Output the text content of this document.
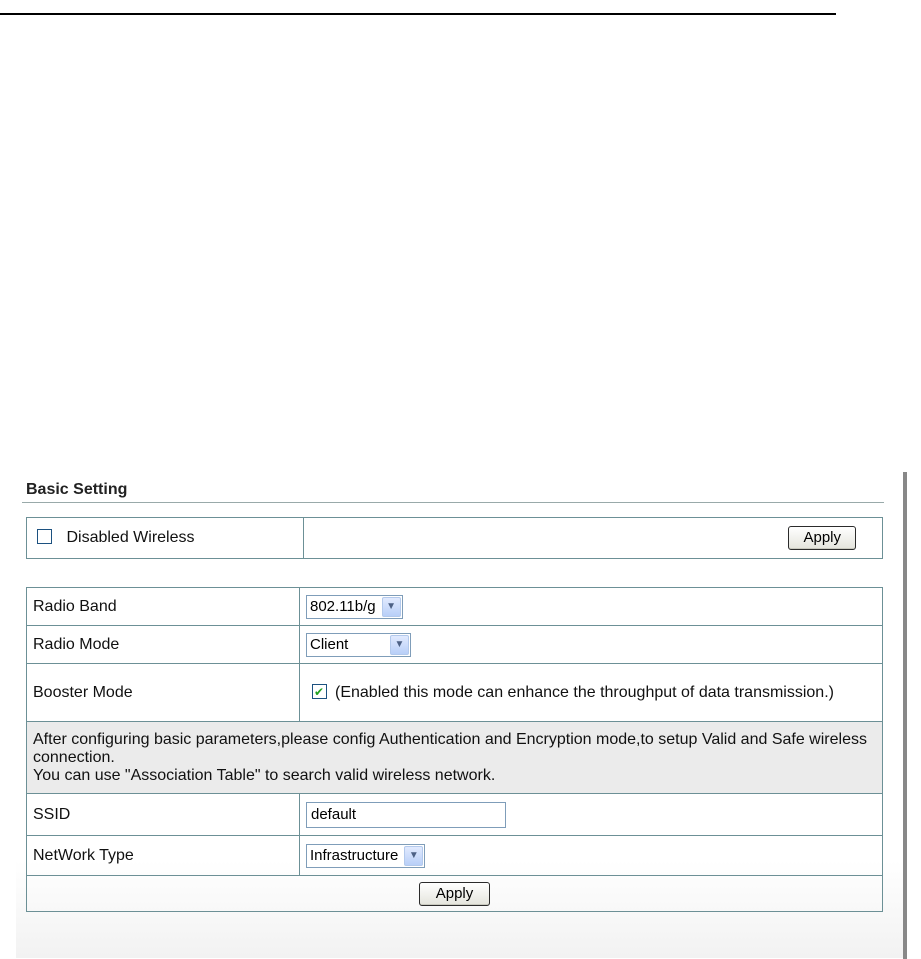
Basic Setting
Disabled Wireless	Apply
Radio Band	802.11b/g ▼

Radio Mode	Client ▼

Booster Mode	✔(Enabled this mode can enhance the throughput of data transmission.)

After configuring basic parameters,please config Authentication and Encryption mode,to setup Valid and Safe wireless connection.
You can use "Association Table" to search valid wireless network.	

SSID	default
NetWork Type	Infrastructure ▼

Apply	
